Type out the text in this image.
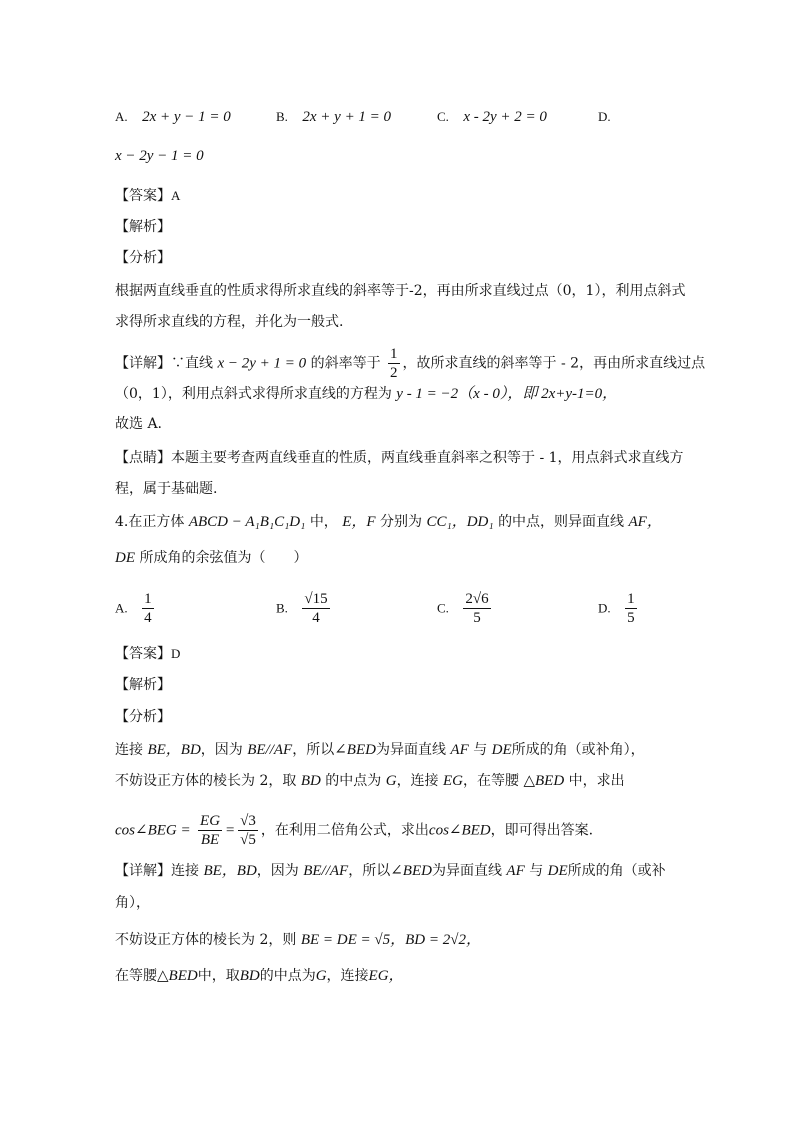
A. 2x + y − 1 = 0	B. 2x + y + 1 = 0	C. x - 2y + 2 = 0	D.
x − 2y − 1 = 0
【答案】A
【解析】
【分析】
根据两直线垂直的性质求得所求直线的斜率等于-2，再由所求直线过点（0，1），利用点斜式
求得所求直线的方程，并化为一般式.
【详解】∵直线 x − 2y + 1 = 0 的斜率等于 $\frac{1}{2}$ ，故所求直线的斜率等于 - 2，再由所求直线过点
（0，1），利用点斜式求得所求直线的方程为 y - 1 = −2（x - 0），即 2x+y-1=0，
故选 A.
【点睛】本题主要考查两直线垂直的性质，两直线垂直斜率之积等于 - 1，用点斜式求直线方
程，属于基础题.
4.在正方体 ABCD − A₁B₁C₁D₁ 中， E，F 分别为 CC₁，DD₁ 的中点，则异面直线 AF，
DE 所成角的余弦值为（　　）
A. $\frac{1}{4}$	B. $\frac{√15}{4}$	C. $\frac{2√6}{5}$	D. $\frac{1}{5}$
【答案】D
【解析】
【分析】
连接 BE，BD，因为 BE//AF，所以∠BED为异面直线 AF 与 DE所成的角（或补角），
不妨设正方体的棱长为 2，取 BD 的中点为 G，连接 EG，在等腰 △BED 中，求出
cos∠BEG = $\frac{EG}{BE} = \frac{√3}{√5}$ ，在利用二倍角公式，求出cos∠BED，即可得出答案.
【详解】连接 BE，BD，因为 BE//AF，所以∠BED为异面直线 AF 与 DE所成的角（或补
角），
不妨设正方体的棱长为 2，则 BE = DE = √5，BD = 2√2，
在等腰△BED中，取BD的中点为G，连接EG，
